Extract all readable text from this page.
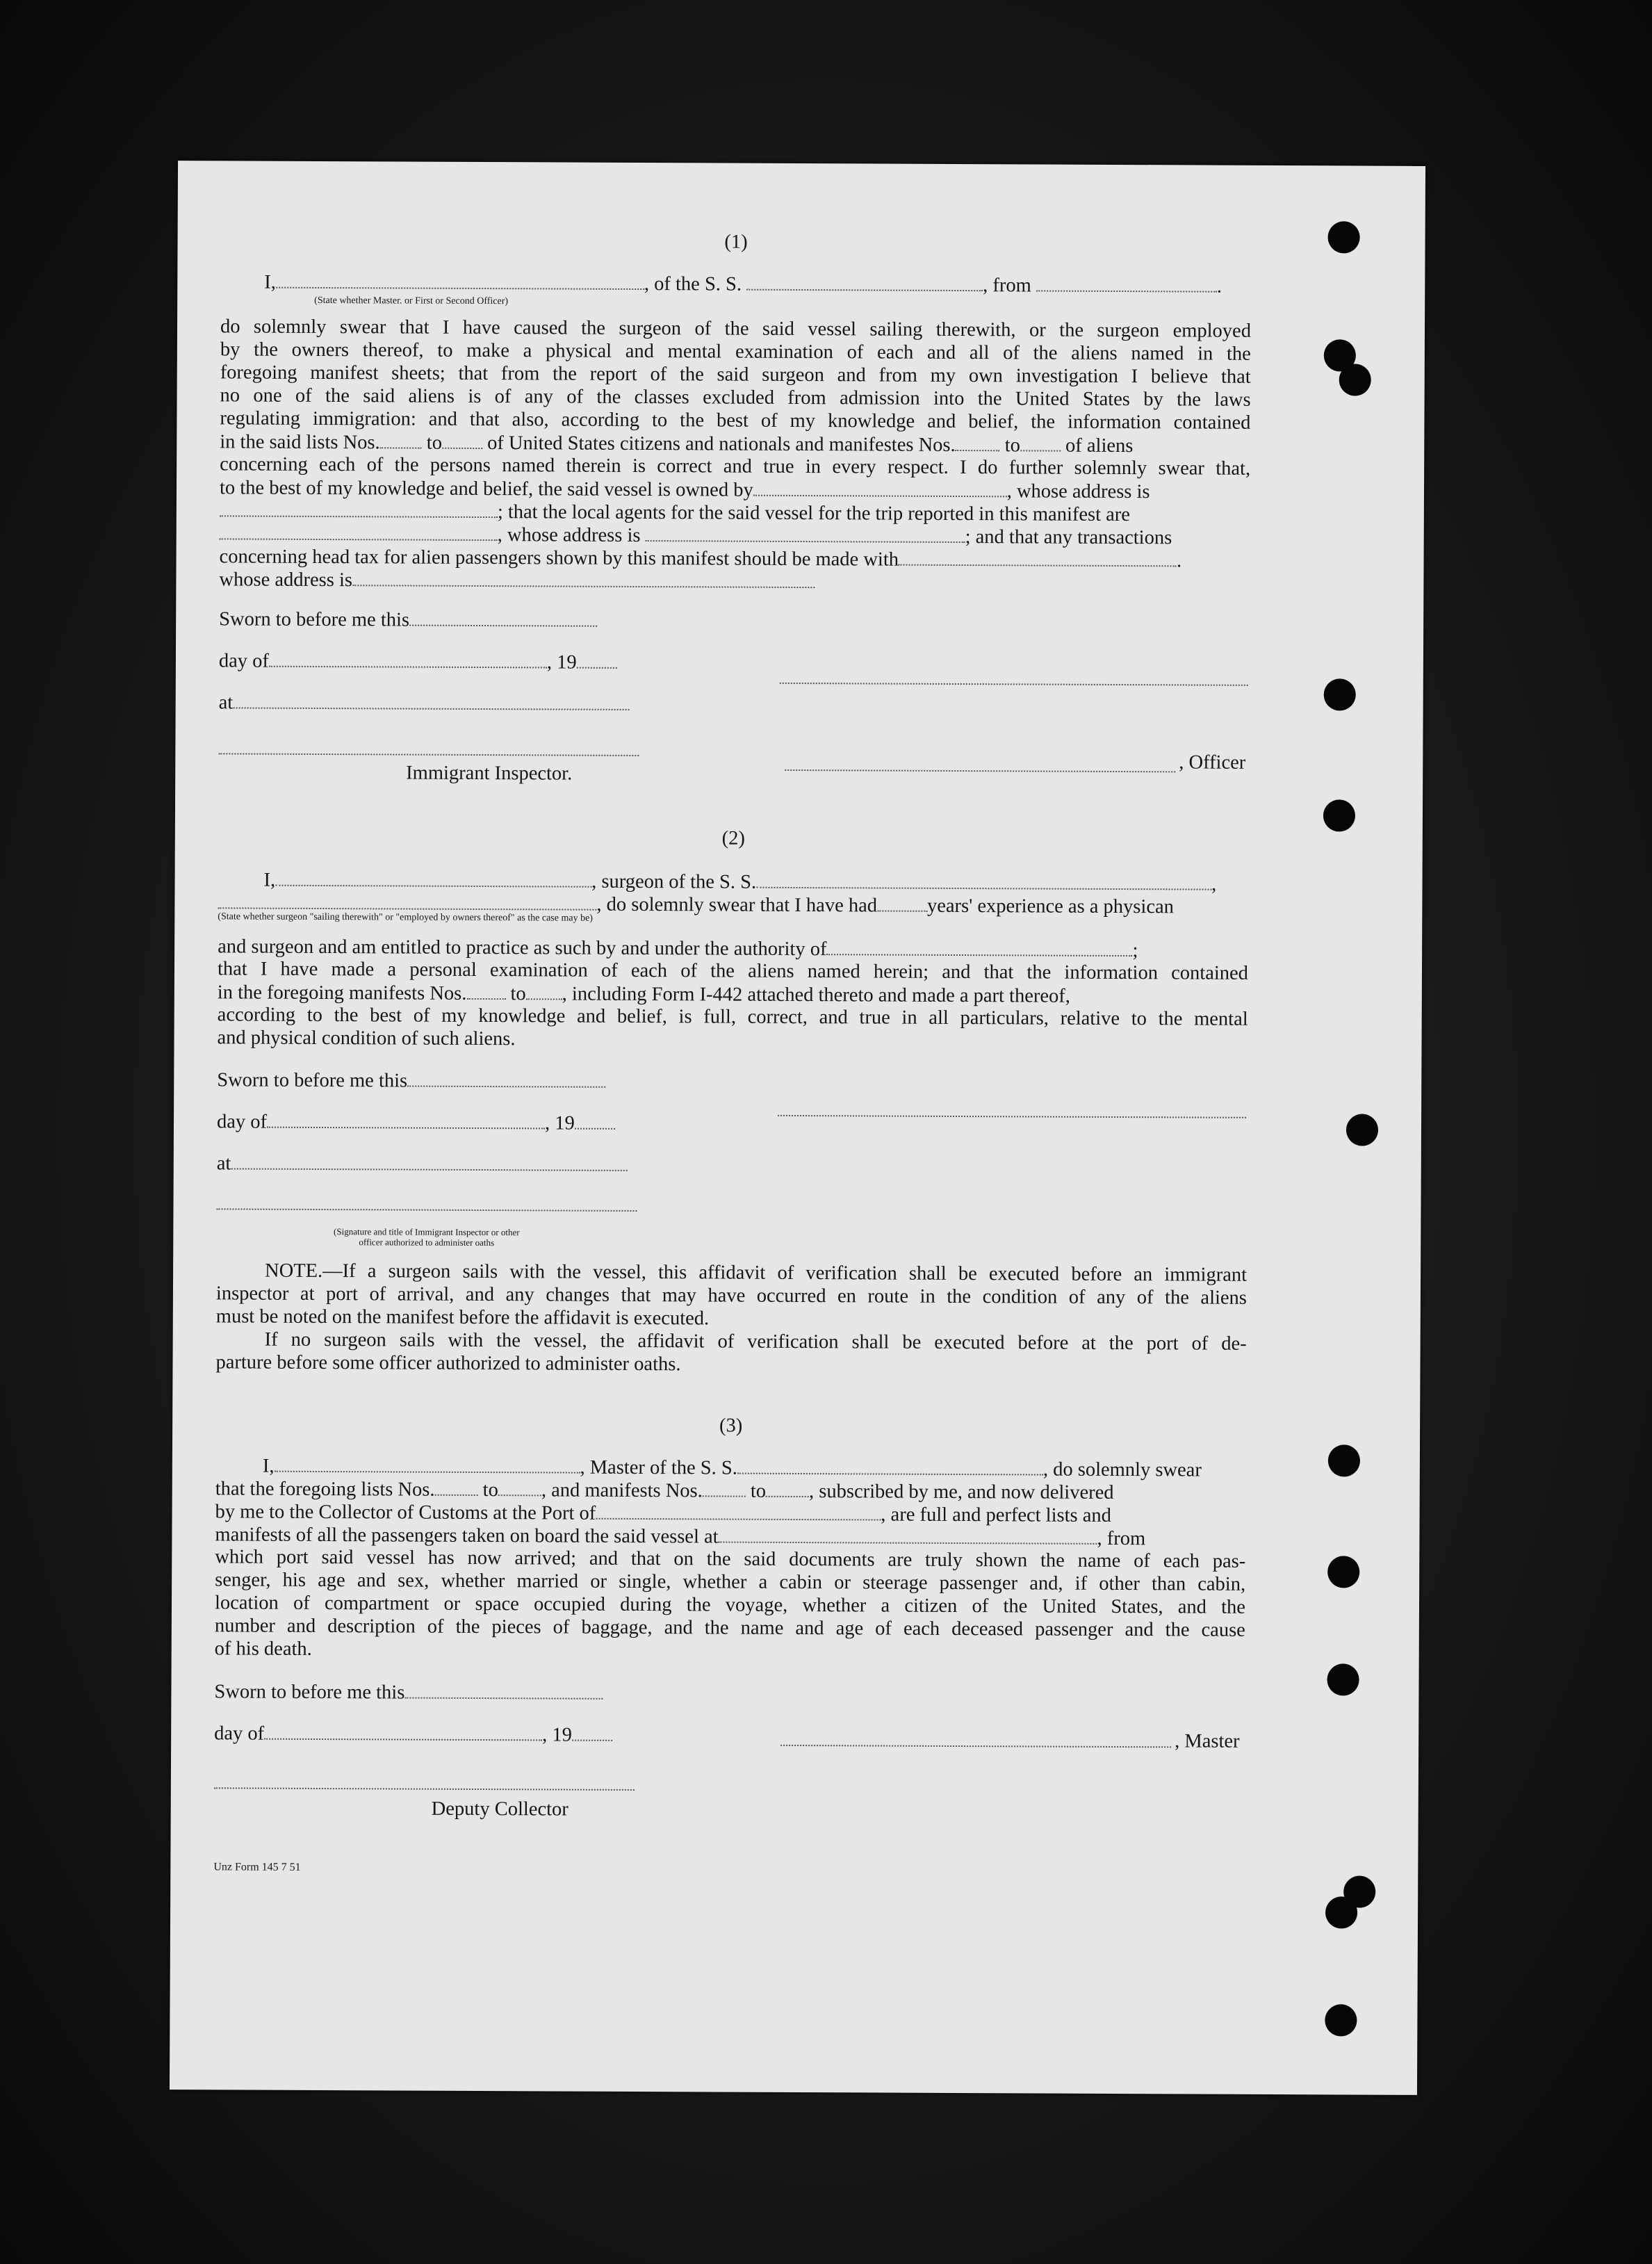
(1)
I,	, of the S. S.	, from	.
(State whether Master. or First or Second Officer)
do solemnly swear that I have caused the surgeon of the said vessel sailing therewith, or the surgeon employed
by the owners thereof, to make a physical and mental examination of each and all of the aliens named in the
foregoing manifest sheets; that from the report of the said surgeon and from my own investigation I believe that
no one of the said aliens is of any of the classes excluded from admission into the United States by the laws
regulating immigration: and that also, according to the best of my knowledge and belief, the information contained
in the said lists Nos. to of United States citizens and nationals and manifestes Nos. to of aliens
concerning each of the persons named therein is correct and true in every respect. I do further solemnly swear that,
to the best of my knowledge and belief, the said vessel is owned by	, whose address is
; that the local agents for the said vessel for the trip reported in this manifest are
, whose address is	; and that any transactions
concerning head tax for alien passengers shown by this manifest should be made with	.
whose address is
Sworn to before me this
day of	, 19
at
, Officer
Immigrant Inspector.
(2)
I,	, surgeon of the S. S.	,
, do solemnly swear that I have had	years' experience as a physican
(State whether surgeon "sailing therewith" or "employed by owners thereof" as the case may be)
and surgeon and am entitled to practice as such by and under the authority of	;
that I have made a personal examination of each of the aliens named herein; and that the information contained
in the foregoing manifests Nos. to , including Form I-442 attached thereto and made a part thereof,
according to the best of my knowledge and belief, is full, correct, and true in all particulars, relative to the mental
and physical condition of such aliens.
Sworn to before me this
day of	, 19
at
(Signature and title of Immigrant Inspector or other
officer authorized to administer oaths
NOTE.—If a surgeon sails with the vessel, this affidavit of verification shall be executed before an immigrant
inspector at port of arrival, and any changes that may have occurred en route in the condition of any of the aliens
must be noted on the manifest before the affidavit is executed.
If no surgeon sails with the vessel, the affidavit of verification shall be executed before at the port of de-
parture before some officer authorized to administer oaths.
(3)
I,	, Master of the S. S.	, do solemnly swear
that the foregoing lists Nos. to , and manifests Nos. to , subscribed by me, and now delivered
by me to the Collector of Customs at the Port of	, are full and perfect lists and
manifests of all the passengers taken on board the said vessel at	, from
which port said vessel has now arrived; and that on the said documents are truly shown the name of each pas-
senger, his age and sex, whether married or single, whether a cabin or steerage passenger and, if other than cabin,
location of compartment or space occupied during the voyage, whether a citizen of the United States, and the
number and description of the pieces of baggage, and the name and age of each deceased passenger and the cause
of his death.
Sworn to before me this
day of	, 19	, Master
Deputy Collector
Unz Form 145 7 51
